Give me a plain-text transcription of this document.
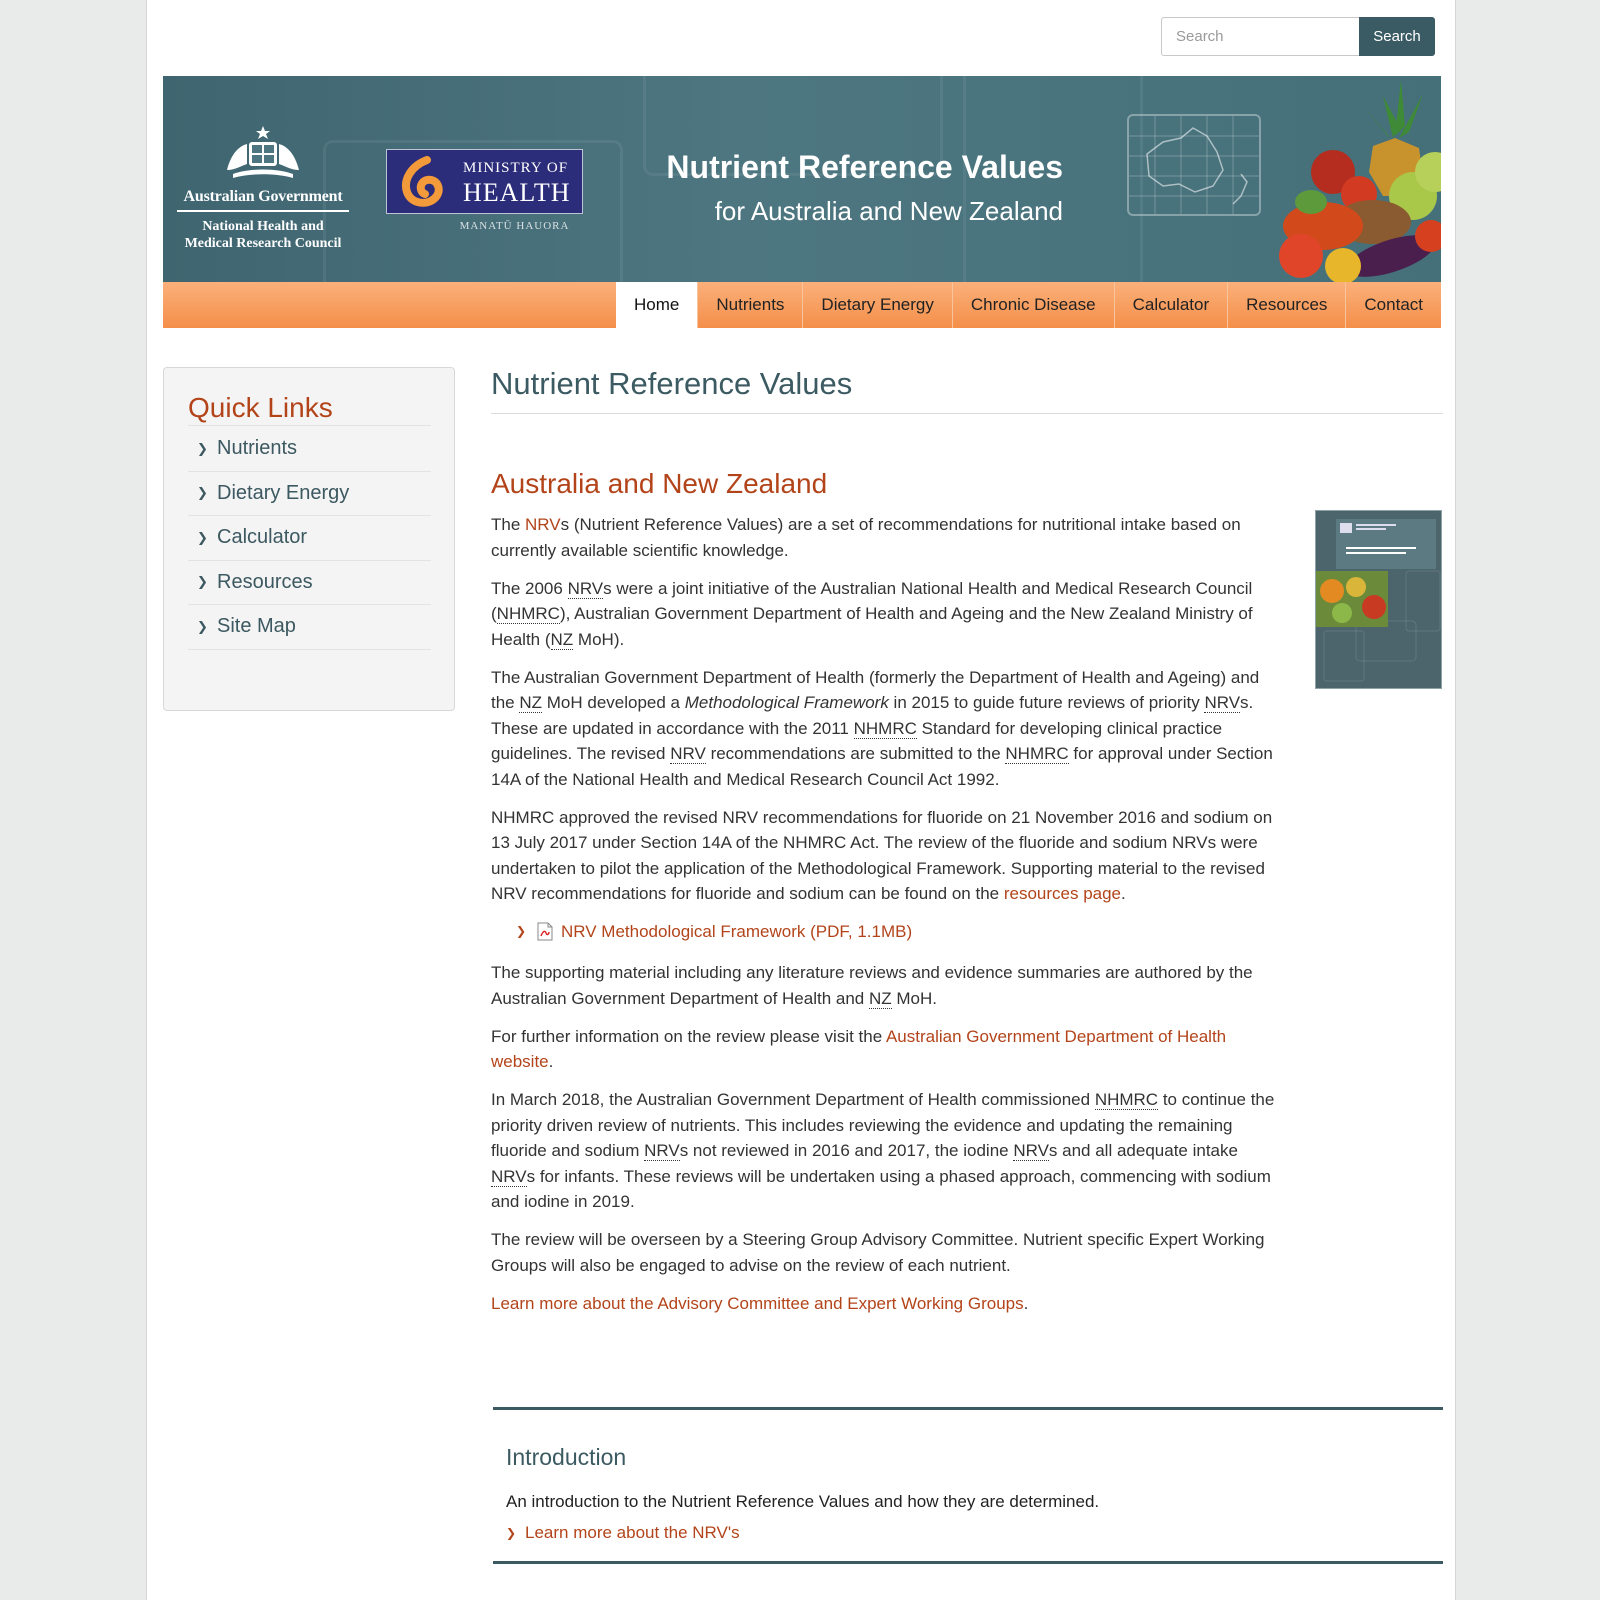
Search
Search
Australian Government
National Health and
Medical Research Council
MINISTRY OF
HEALTH
MANATŪ HAUORA
Nutrient Reference Values
for Australia and New Zealand
Home	Nutrients	Dietary Energy	Chronic Disease	Calculator	Resources	Contact
Quick Links
❯ Nutrients
❯ Dietary Energy
❯ Calculator
❯ Resources
❯ Site Map
Nutrient Reference Values
Australia and New Zealand

The NRVs (Nutrient Reference Values) are a set of recommendations for nutritional intake based on currently available scientific knowledge.

The 2006 NRVs were a joint initiative of the Australian National Health and Medical Research Council (NHMRC), Australian Government Department of Health and Ageing and the New Zealand Ministry of Health (NZ MoH).

The Australian Government Department of Health (formerly the Department of Health and Ageing) and the NZ MoH developed a Methodological Framework in 2015 to guide future reviews of priority NRVs. These are updated in accordance with the 2011 NHMRC Standard for developing clinical practice guidelines. The revised NRV recommendations are submitted to the NHMRC for approval under Section 14A of the National Health and Medical Research Council Act 1992.

NHMRC approved the revised NRV recommendations for fluoride on 21 November 2016 and sodium on 13 July 2017 under Section 14A of the NHMRC Act. The review of the fluoride and sodium NRVs were undertaken to pilot the application of the Methodological Framework. Supporting material to the revised NRV recommendations for fluoride and sodium can be found on the resources page.

❯	NRV Methodological Framework (PDF, 1.1MB)

The supporting material including any literature reviews and evidence summaries are authored by the Australian Government Department of Health and NZ MoH.

For further information on the review please visit the Australian Government Department of Health website.

In March 2018, the Australian Government Department of Health commissioned NHMRC to continue the priority driven review of nutrients. This includes reviewing the evidence and updating the remaining fluoride and sodium NRVs not reviewed in 2016 and 2017, the iodine NRVs and all adequate intake NRVs for infants. These reviews will be undertaken using a phased approach, commencing with sodium and iodine in 2019.

The review will be overseen by a Steering Group Advisory Committee. Nutrient specific Expert Working Groups will also be engaged to advise on the review of each nutrient.

Learn more about the Advisory Committee and Expert Working Groups.

Introduction
An introduction to the Nutrient Reference Values and how they are determined.
❯ Learn more about the NRV's
